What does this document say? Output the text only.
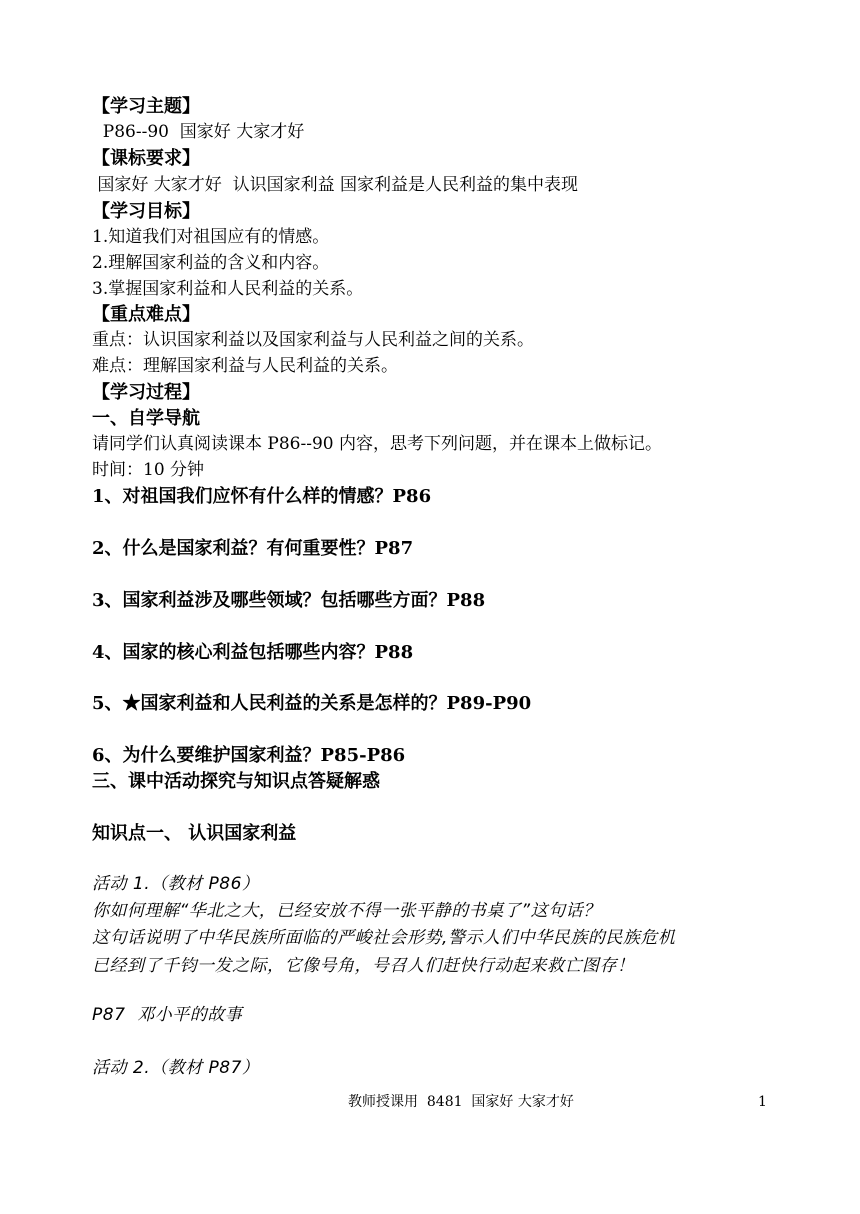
【学习主题】
P86--90  国家好 大家才好
【课标要求】
国家好 大家才好  认识国家利益 国家利益是人民利益的集中表现
【学习目标】
1.知道我们对祖国应有的情感。
2.理解国家利益的含义和内容。
3.掌握国家利益和人民利益的关系。
【重点难点】
重点：认识国家利益以及国家利益与人民利益之间的关系。
难点：理解国家利益与人民利益的关系。
【学习过程】
一、自学导航
请同学们认真阅读课本 P86--90 内容，思考下列问题，并在课本上做标记。
时间：10 分钟
1、对祖国我们应怀有什么样的情感？P86
2、什么是国家利益？有何重要性？P87
3、国家利益涉及哪些领域？包括哪些方面？P88
4、国家的核心利益包括哪些内容？P88
5、★国家利益和人民利益的关系是怎样的？P89-P90
6、为什么要维护国家利益？P85-P86
三、课中活动探究与知识点答疑解惑
知识点一、 认识国家利益
活动 1.（教材 P86）
你如何理解“华北之大，已经安放不得一张平静的书桌了”这句话？
这句话说明了中华民族所面临的严峻社会形势,警示人们中华民族的民族危机
已经到了千钧一发之际，它像号角，号召人们赶快行动起来救亡图存！
P87  邓小平的故事
活动 2.（教材 P87）
教师授课用  8481  国家好 大家才好	1
